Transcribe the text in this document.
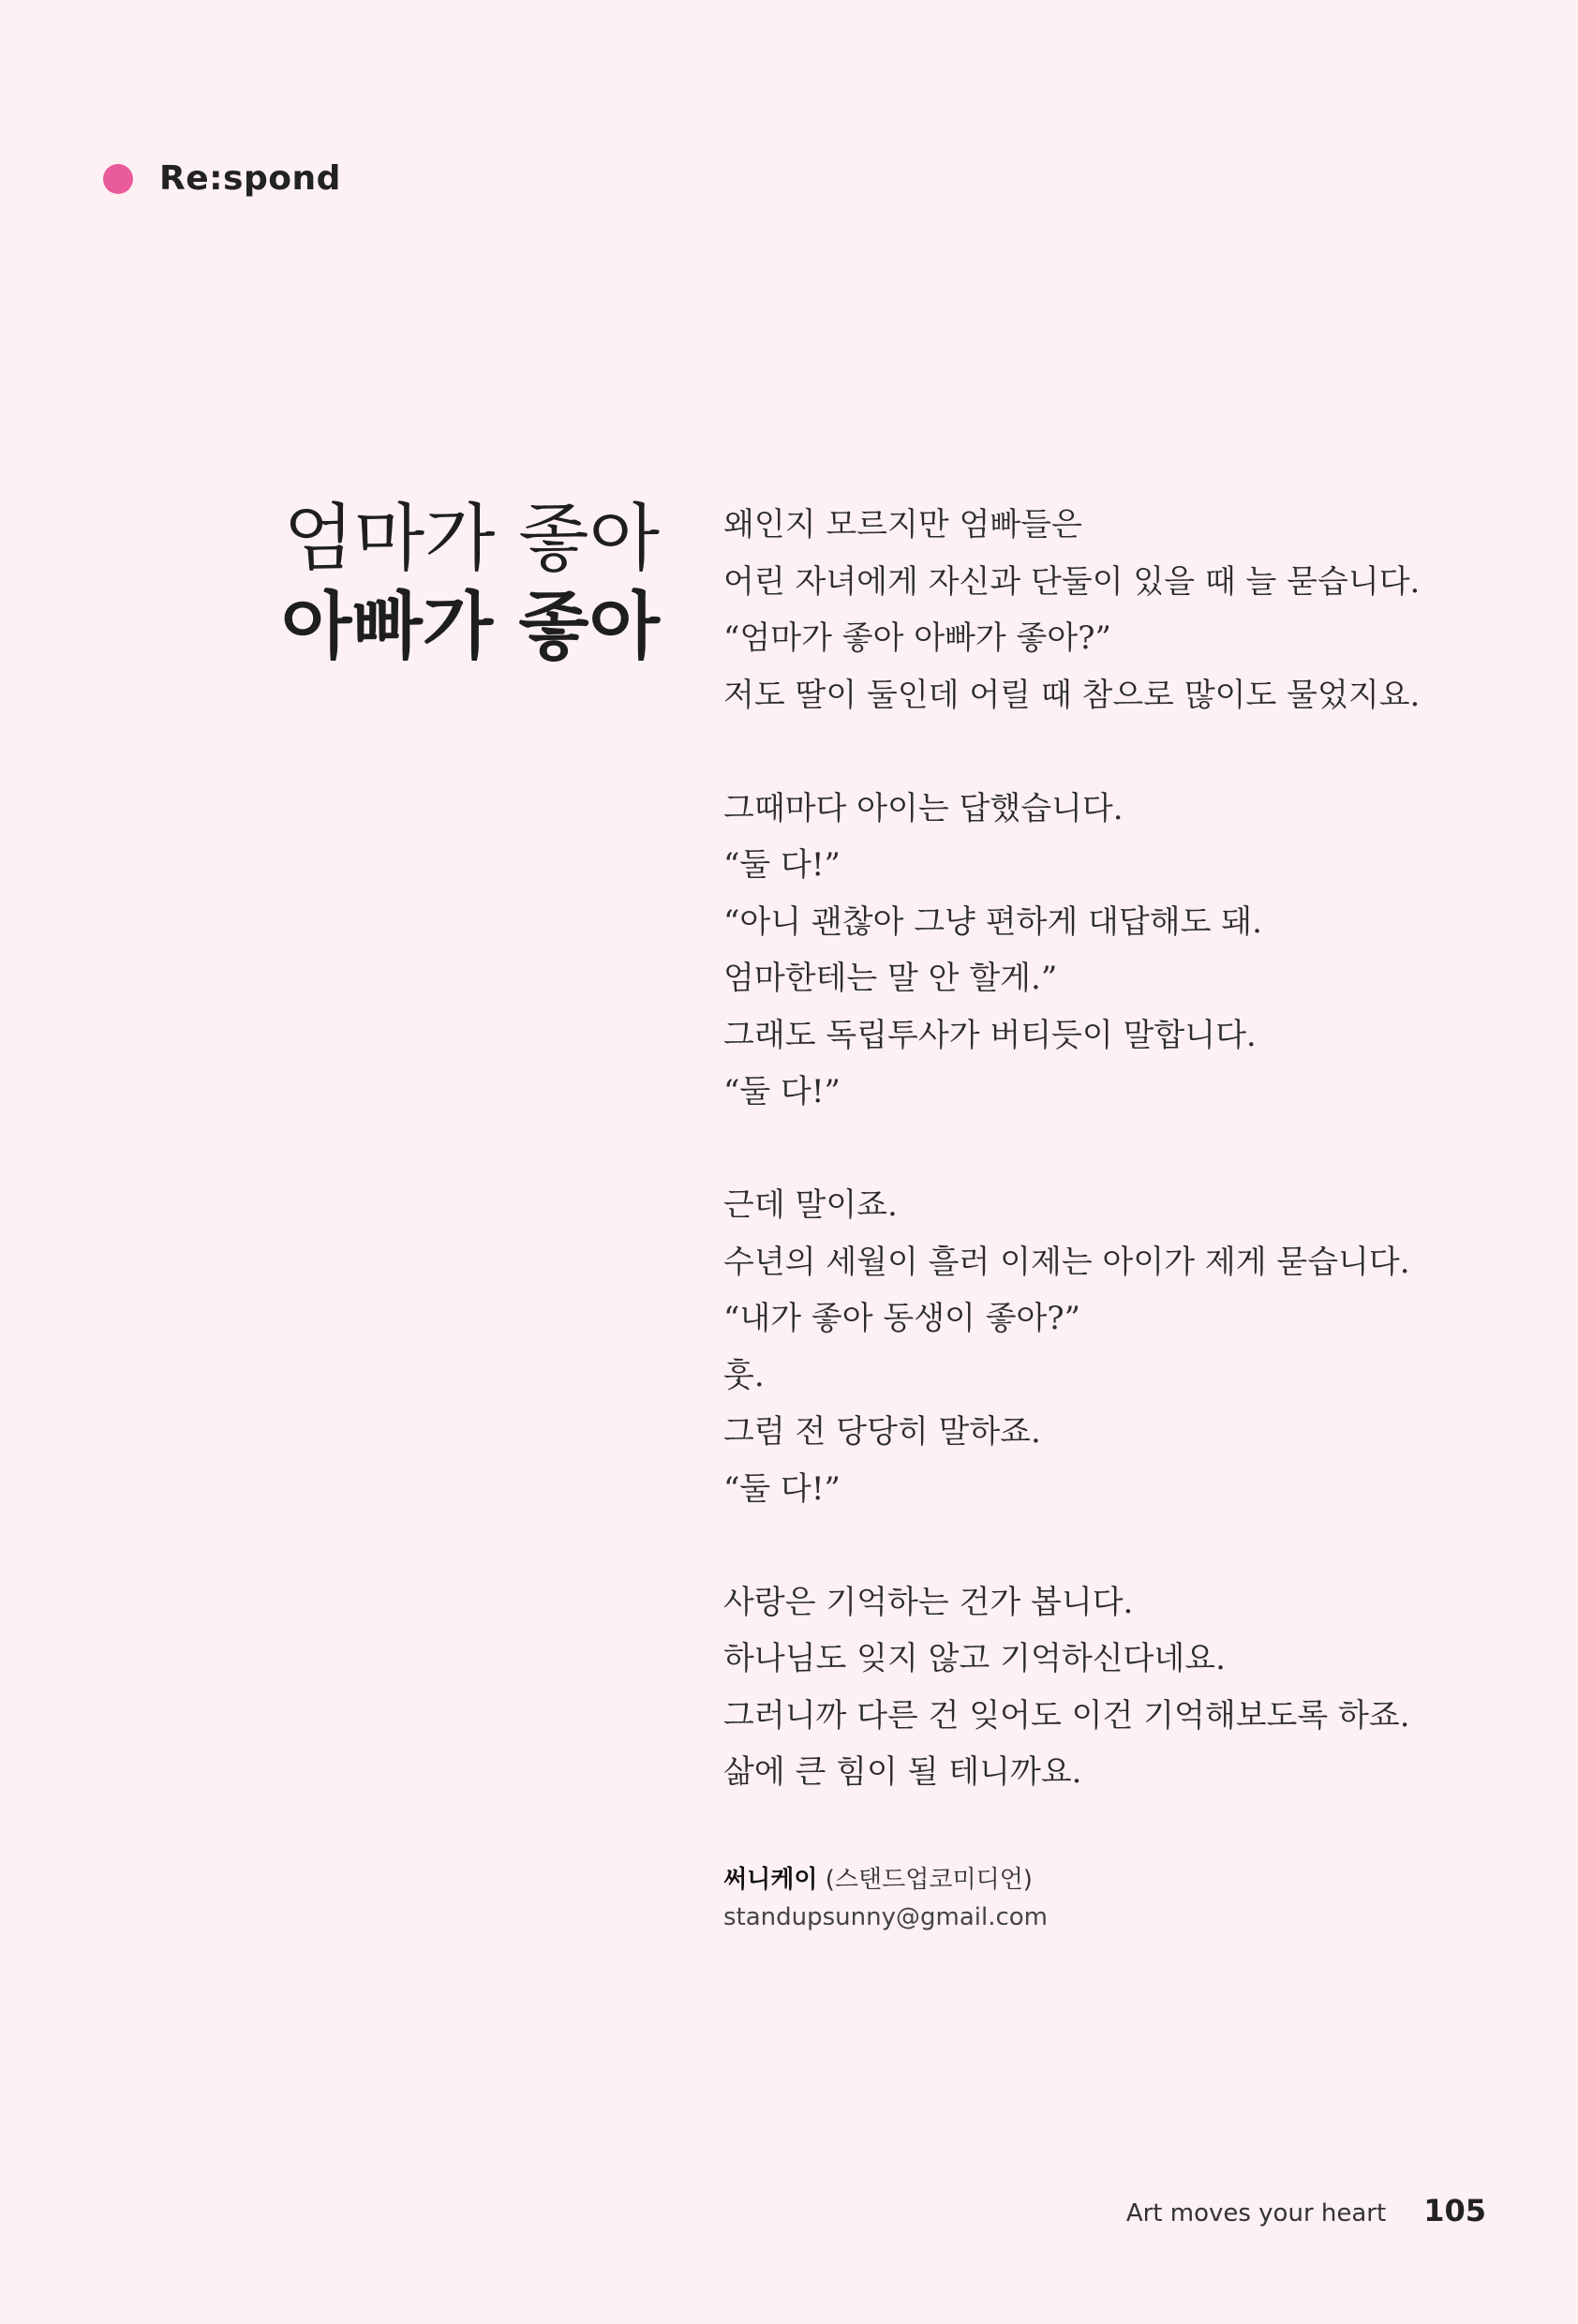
Re:spond
엄마가 좋아
아빠가 좋아
왜인지 모르지만 엄빠들은
어린 자녀에게 자신과 단둘이 있을 때 늘 묻습니다.
“엄마가 좋아 아빠가 좋아?”
저도 딸이 둘인데 어릴 때 참으로 많이도 물었지요.
그때마다 아이는 답했습니다.
“둘 다!”
“아니 괜찮아 그냥 편하게 대답해도 돼.
엄마한테는 말 안 할게.”
그래도 독립투사가 버티듯이 말합니다.
“둘 다!”
근데 말이죠.
수년의 세월이 흘러 이제는 아이가 제게 묻습니다.
“내가 좋아 동생이 좋아?”
훗.
그럼 전 당당히 말하죠.
“둘 다!”
사랑은 기억하는 건가 봅니다.
하나님도 잊지 않고 기억하신다네요.
그러니까 다른 건 잊어도 이건 기억해보도록 하죠.
삶에 큰 힘이 될 테니까요.
써니케이 (스탠드업코미디언)
standupsunny@gmail.com
Art moves your heart 105
